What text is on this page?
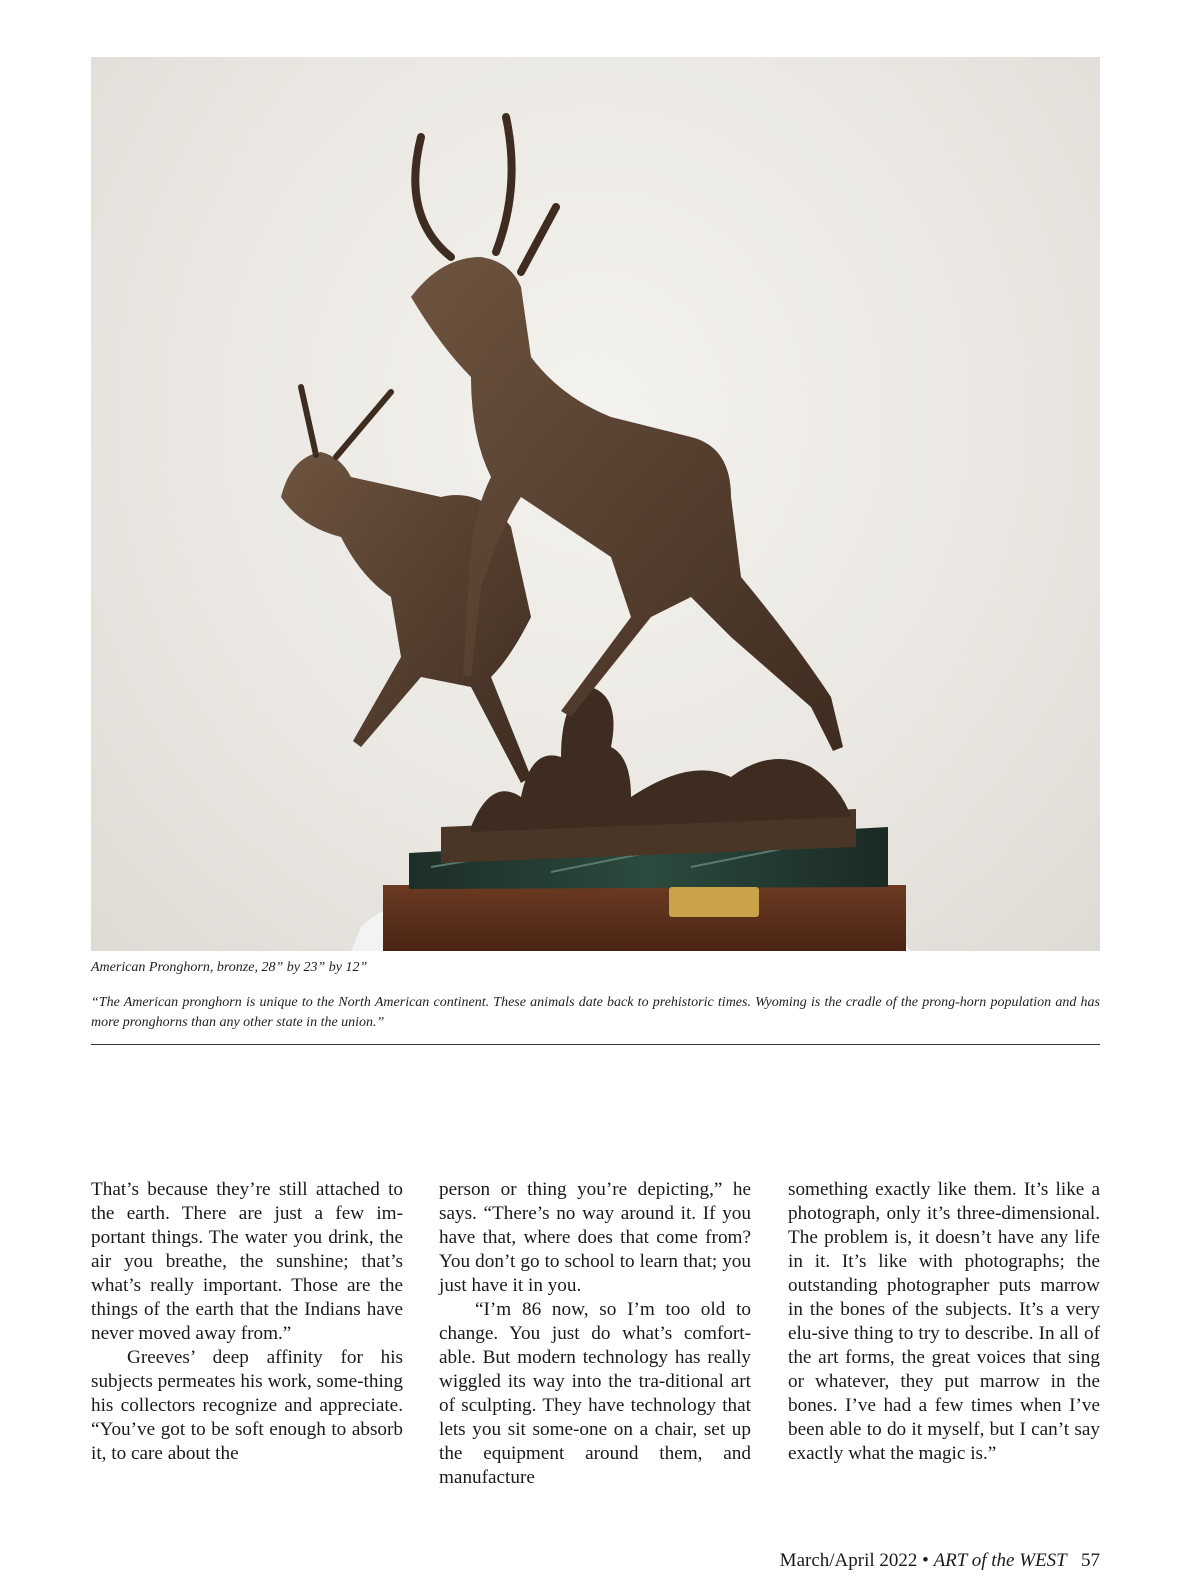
American Pronghorn, bronze, 28” by 23” by 12”
“The American pronghorn is unique to the North American continent. These animals date back to prehistoric times. Wyoming is the cradle of the prong-horn population and has more pronghorns than any other state in the union.”

That’s because they’re still attached to the earth. There are just a few im-portant things. The water you drink, the air you breathe, the sunshine; that’s what’s really important. Those are the things of the earth that the Indians have never moved away from.”

Greeves’ deep affinity for his subjects permeates his work, some-thing his collectors recognize and appreciate. “You’ve got to be soft enough to absorb it, to care about the

person or thing you’re depicting,” he says. “There’s no way around it. If you have that, where does that come from? You don’t go to school to learn that; you just have it in you.

“I’m 86 now, so I’m too old to change. You just do what’s comfort-able. But modern technology has really wiggled its way into the tra-ditional art of sculpting. They have technology that lets you sit some-one on a chair, set up the equipment around them, and manufacture

something exactly like them. It’s like a photograph, only it’s three-dimensional. The problem is, it doesn’t have any life in it. It’s like with photographs; the outstanding photographer puts marrow in the bones of the subjects. It’s a very elu-sive thing to try to describe. In all of the art forms, the great voices that sing or whatever, they put marrow in the bones. I’ve had a few times when I’ve been able to do it myself, but I can’t say exactly what the magic is.”

March/April 2022 • ART of the WEST 57
